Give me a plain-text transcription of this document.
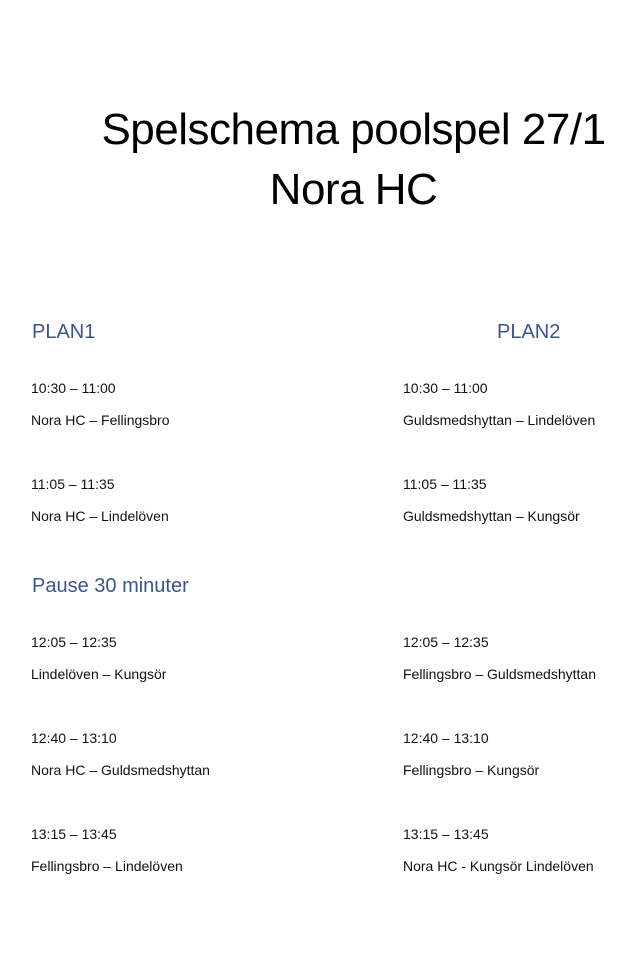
Spelschema poolspel 27/1
Nora HC
PLAN1	PLAN2
10:30 – 11:00
Nora HC – Fellingsbro
10:30 – 11:00
Guldsmedshyttan – Lindelöven
11:05 – 11:35
Nora HC – Lindelöven
11:05 – 11:35
Guldsmedshyttan – Kungsör
Pause 30 minuter
12:05 – 12:35
Lindelöven – Kungsör
12:05 – 12:35
Fellingsbro – Guldsmedshyttan
12:40 – 13:10
Nora HC – Guldsmedshyttan
12:40 – 13:10
Fellingsbro – Kungsör
13:15 – 13:45
Fellingsbro – Lindelöven
13:15 – 13:45
Nora HC - Kungsör Lindelöven
